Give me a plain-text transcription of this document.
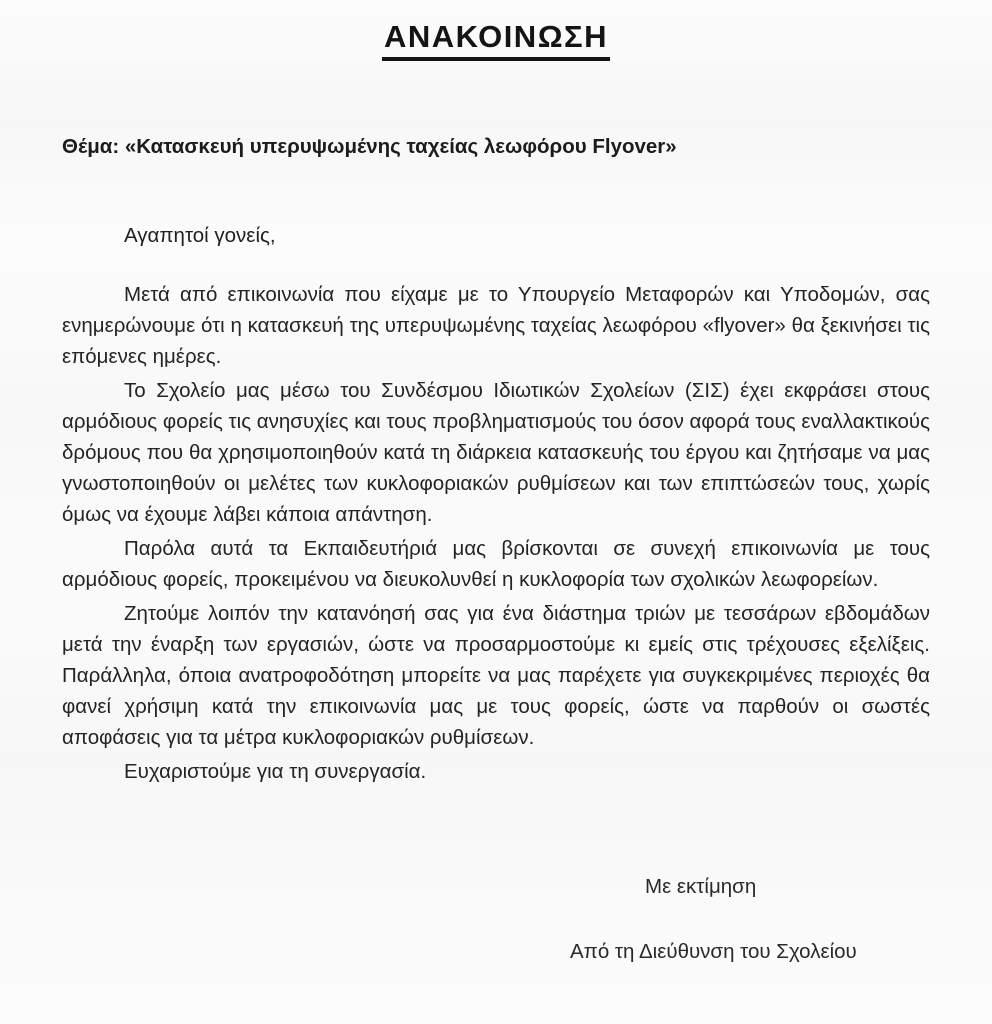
ΑΝΑΚΟΙΝΩΣΗ

Θέμα: «Κατασκευή υπερυψωμένης ταχείας λεωφόρου Flyover»

Αγαπητοί γονείς,

Μετά από επικοινωνία που είχαμε με το Υπουργείο Μεταφορών και Υποδομών, σας ενημερώνουμε ότι η κατασκευή της υπερυψωμένης ταχείας λεωφόρου «flyover» θα ξεκινήσει τις επόμενες ημέρες.

Το Σχολείο μας μέσω του Συνδέσμου Ιδιωτικών Σχολείων (ΣΙΣ) έχει εκφράσει στους αρμόδιους φορείς τις ανησυχίες και τους προβληματισμούς του όσον αφορά τους εναλλακτικούς δρόμους που θα χρησιμοποιηθούν κατά τη διάρκεια κατασκευής του έργου και ζητήσαμε να μας γνωστοποιηθούν οι μελέτες των κυκλοφοριακών ρυθμίσεων και των επιπτώσεών τους, χωρίς όμως να έχουμε λάβει κάποια απάντηση.

Παρόλα αυτά τα Εκπαιδευτήριά μας βρίσκονται σε συνεχή επικοινωνία με τους αρμόδιους φορείς, προκειμένου να διευκολυνθεί η κυκλοφορία των σχολικών λεωφορείων.

Ζητούμε λοιπόν την κατανόησή σας για ένα διάστημα τριών με τεσσάρων εβδομάδων μετά την έναρξη των εργασιών, ώστε να προσαρμοστούμε κι εμείς στις τρέχουσες εξελίξεις. Παράλληλα, όποια ανατροφοδότηση μπορείτε να μας παρέχετε για συγκεκριμένες περιοχές θα φανεί χρήσιμη κατά την επικοινωνία μας με τους φορείς, ώστε να παρθούν οι σωστές αποφάσεις για τα μέτρα κυκλοφοριακών ρυθμίσεων.

Ευχαριστούμε για τη συνεργασία.

Με εκτίμηση

Από τη Διεύθυνση του Σχολείου
